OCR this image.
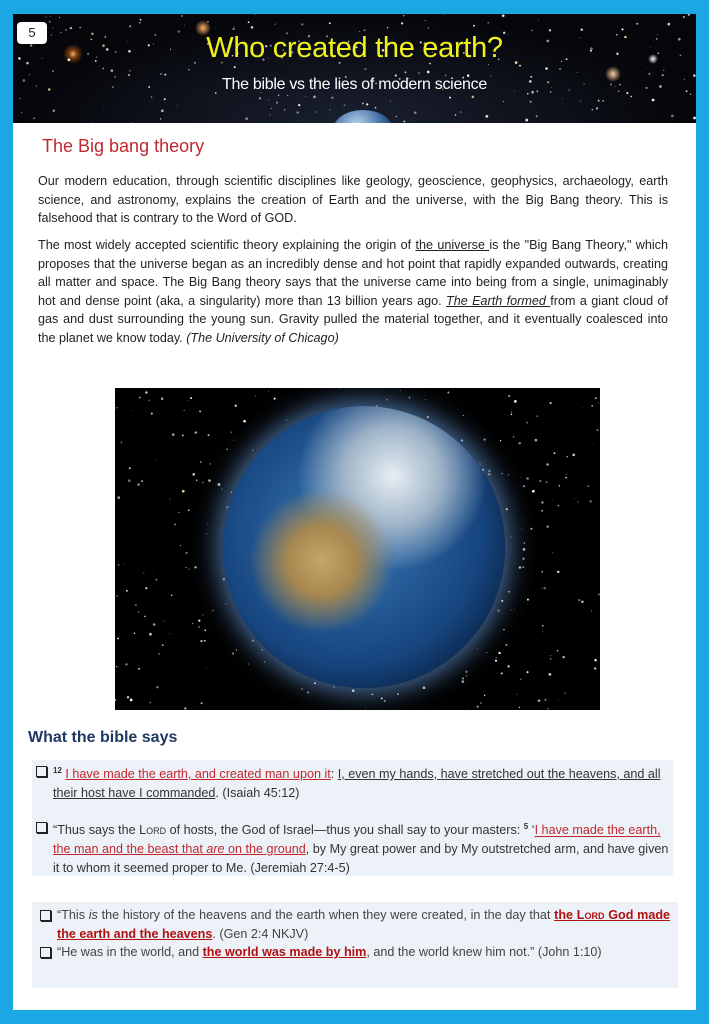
5	Who created the earth?
The bible vs the lies of modern science
The Big bang theory

Our modern education, through scientific disciplines like geology, geoscience, geophysics, archaeology, earth science, and astronomy, explains the creation of Earth and the universe, with the Big Bang theory. This is falsehood that is contrary to the Word of GOD.

The most widely accepted scientific theory explaining the origin of the universe is the "Big Bang Theory," which proposes that the universe began as an incredibly dense and hot point that rapidly expanded outwards, creating all matter and space. The Big Bang theory says that the universe came into being from a single, unimaginably hot and dense point (aka, a singularity) more than 13 billion years ago. The Earth formed from a giant cloud of gas and dust surrounding the young sun. Gravity pulled the material together, and it eventually coalesced into the planet we know today. (The University of Chicago)

What the bible says
$^{12}$ I have made the earth, and created man upon it: I, even my hands, have stretched out the heavens, and all their host have I commanded. (Isaiah 45:12)
“Thus says the Lord of hosts, the God of Israel—thus you shall say to your masters: $^5$ ‘I have made the earth, the man and the beast that are on the ground, by My great power and by My outstretched arm, and have given it to whom it seemed proper to Me. (Jeremiah 27:4-5)
“This is the history of the heavens and the earth when they were created, in the day that the Lord God made the earth and the heavens. (Gen 2:4 NKJV)
“He was in the world, and the world was made by him, and the world knew him not.” (John 1:10)
